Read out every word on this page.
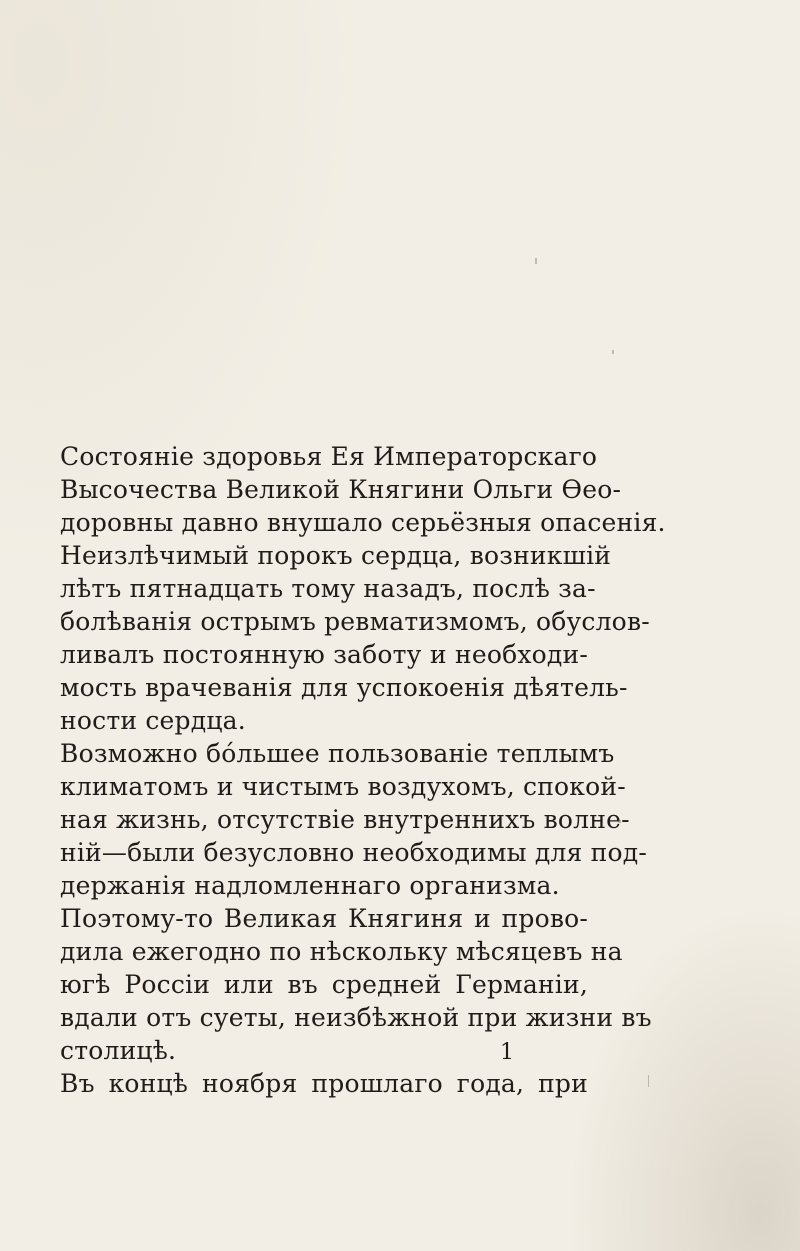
Состояніе здоровья Ея Императорскаго
Высочества Великой Княгини Ольги Өео-
доровны давно внушало серьёзныя опасенія.
Неизлѣчимый порокъ сердца, возникшій
лѣтъ пятнадцать тому назадъ, послѣ за-
болѣванія острымъ ревматизмомъ, обуслов-
ливалъ постоянную заботу и необходи-
мость врачеванія для успокоенія дѣятель-
ности сердца.
Возможно бóльшее пользованіе теплымъ
климатомъ и чистымъ воздухомъ, спокой-
ная жизнь, отсутствіе внутреннихъ волне-
ній—были безусловно необходимы для под-
держанія надломленнаго организма.
Поэтому-то Великая Княгиня и прово-
дила ежегодно по нѣскольку мѣсяцевъ на
югѣ Россіи или въ средней Германіи,
вдали отъ суеты, неизбѣжной при жизни въ
столицѣ.
Въ концѣ ноября прошлаго года, при
1
